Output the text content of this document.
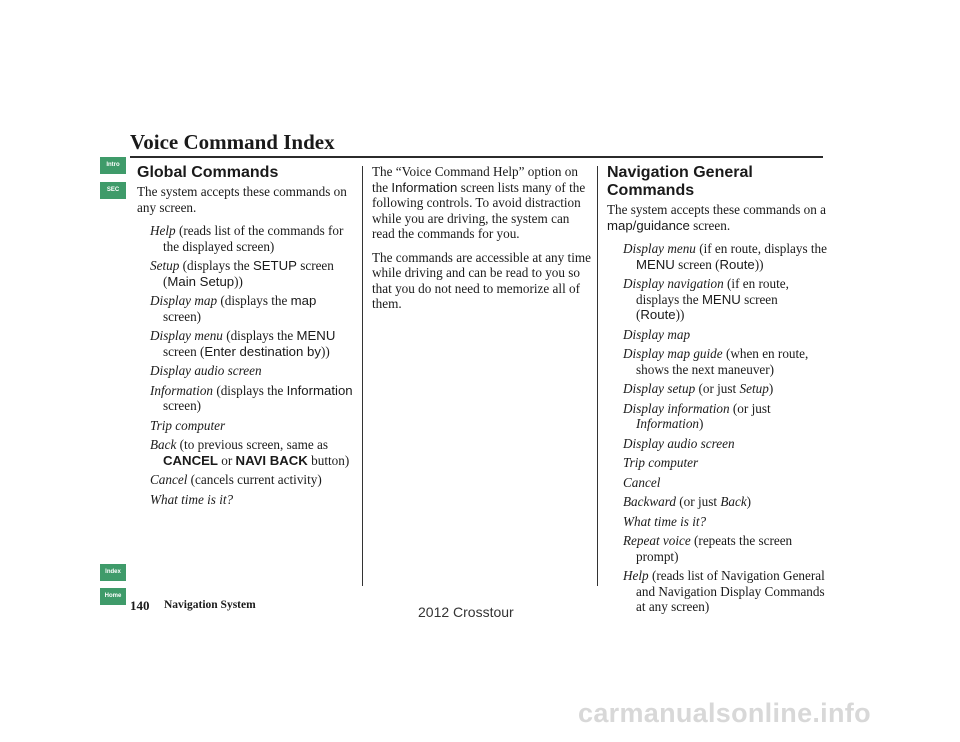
Voice Command Index
Intro
SEC
Index
Home
Global Commands

The system accepts these commands on any screen.

Help (reads list of the commands for the displayed screen)
Setup (displays the SETUP screen (Main Setup))
Display map (displays the map screen)
Display menu (displays the MENU screen (Enter destination by))
Display audio screen
Information (displays the Information screen)
Trip computer
Back (to previous screen, same as CANCEL or NAVI BACK button)
Cancel (cancels current activity)
What time is it?

The “Voice Command Help” option on the Information screen lists many of the following controls. To avoid distraction while you are driving, the system can read the commands for you.

The commands are accessible at any time while driving and can be read to you so that you do not need to memorize all of them.

Navigation General Commands

The system accepts these commands on a map/guidance screen.

Display menu (if en route, displays the MENU screen (Route))
Display navigation (if en route, displays the MENU screen (Route))
Display map
Display map guide (when en route, shows the next maneuver)
Display setup (or just Setup)
Display information (or just Information)
Display audio screen
Trip computer
Cancel
Backward (or just Back)
What time is it?
Repeat voice (repeats the screen prompt)
Help (reads list of Navigation General and Navigation Display Commands at any screen)
140 Navigation System	2012 Crosstour
carmanualsonline.info
